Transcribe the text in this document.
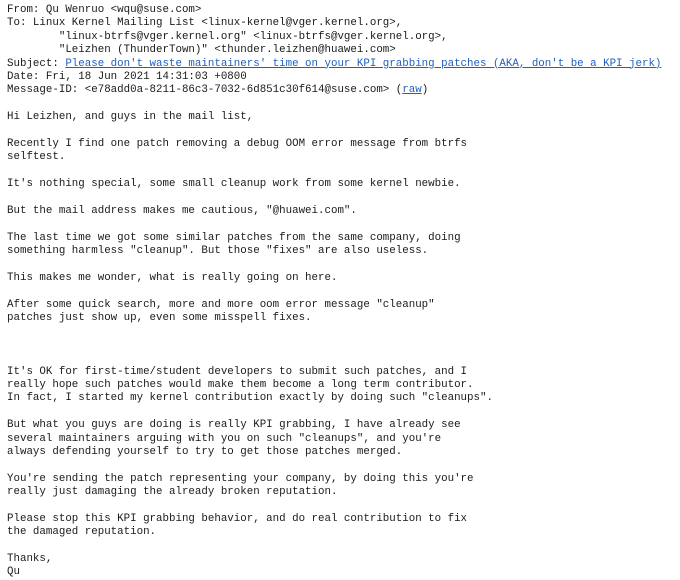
From: Qu Wenruo <wqu@suse.com>
To: Linux Kernel Mailing List <linux-kernel@vger.kernel.org>,
"linux-btrfs@vger.kernel.org" <linux-btrfs@vger.kernel.org>,
"Leizhen (ThunderTown)" <thunder.leizhen@huawei.com>
Subject: Please don't waste maintainers' time on your KPI grabbing patches (AKA, don't be a KPI jerk)
Date: Fri, 18 Jun 2021 14:31:03 +0800
Message-ID: <e78add0a-8211-86c3-7032-6d851c30f614@suse.com> (raw)
Hi Leizhen, and guys in the mail list,
Recently I find one patch removing a debug OOM error message from btrfs
selftest.
It's nothing special, some small cleanup work from some kernel newbie.
But the mail address makes me cautious, "@huawei.com".
The last time we got some similar patches from the same company, doing
something harmless "cleanup". But those "fixes" are also useless.
This makes me wonder, what is really going on here.
After some quick search, more and more oom error message "cleanup"
patches just show up, even some misspell fixes.
It's OK for first-time/student developers to submit such patches, and I
really hope such patches would make them become a long term contributor.
In fact, I started my kernel contribution exactly by doing such "cleanups".
But what you guys are doing is really KPI grabbing, I have already see
several maintainers arguing with you on such "cleanups", and you're
always defending yourself to try to get those patches merged.
You're sending the patch representing your company, by doing this you're
really just damaging the already broken reputation.
Please stop this KPI grabbing behavior, and do real contribution to fix
the damaged reputation.
Thanks,
Qu
